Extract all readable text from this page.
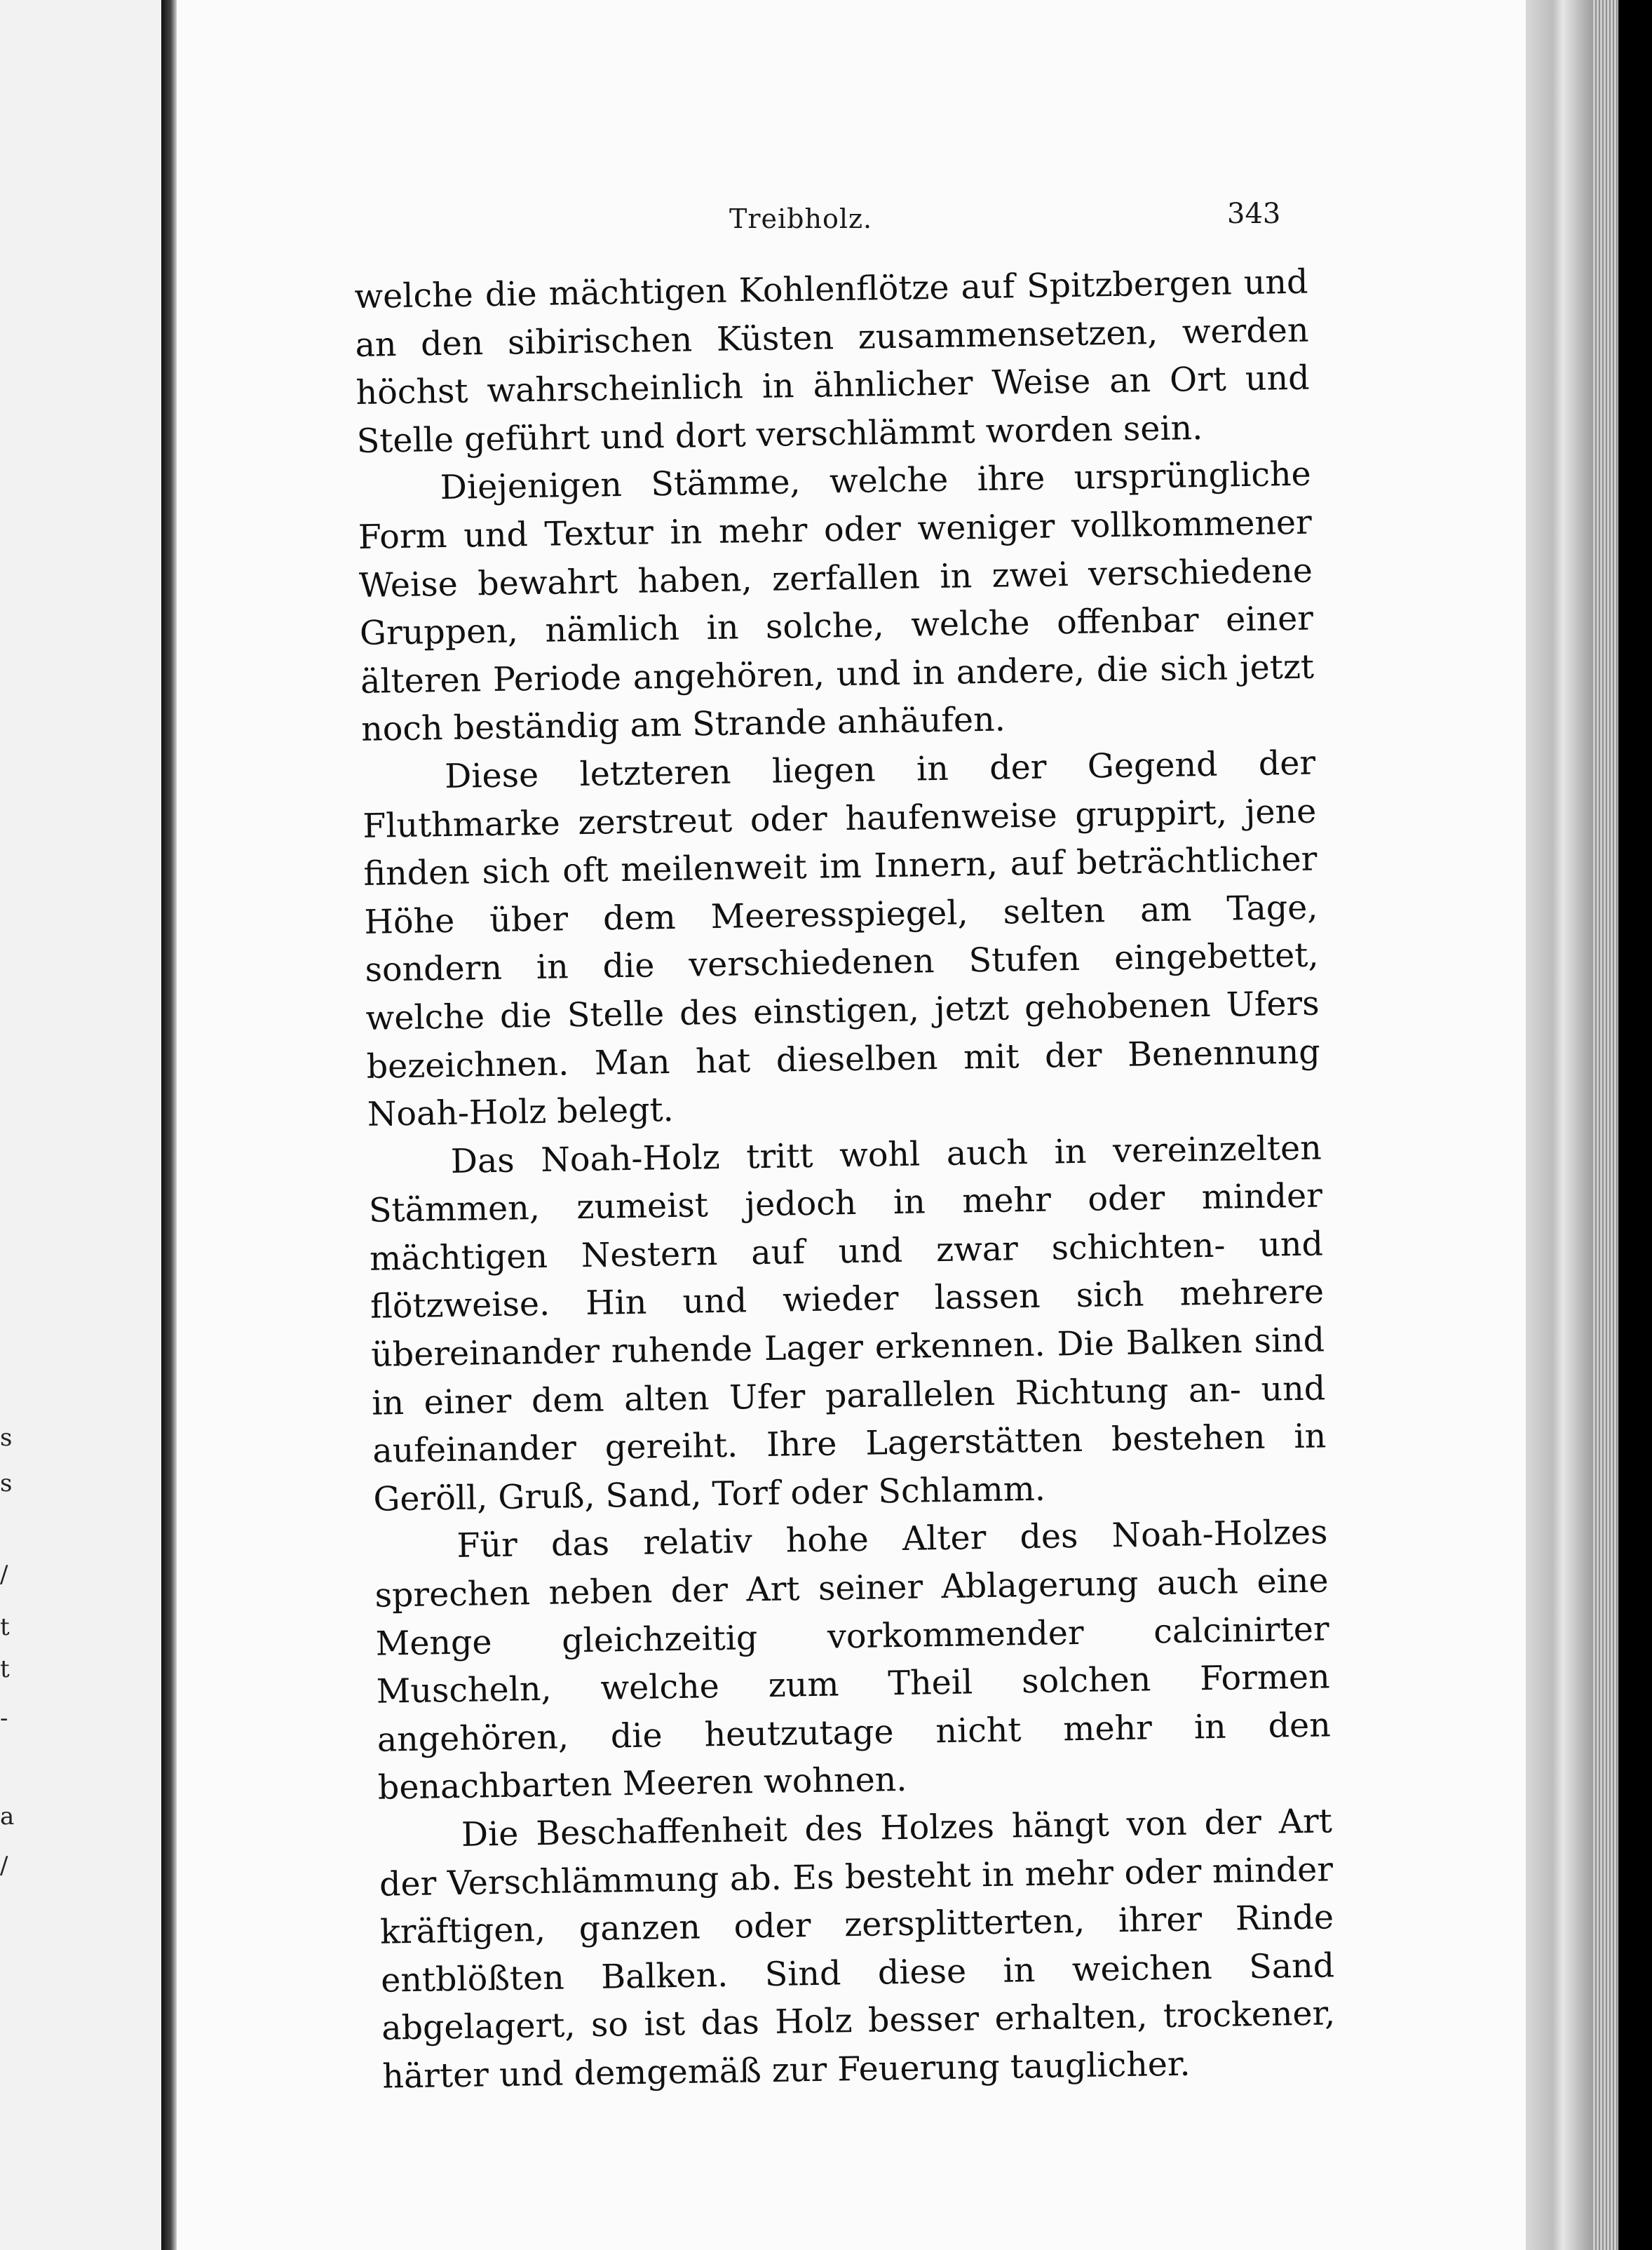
s
s
/
t
t
-
a
/
Treibholz.	343

welche die mächtigen Kohlenflötze auf Spitzbergen und an den sibirischen Küsten zusammensetzen, werden höchst wahrscheinlich in ähnlicher Weise an Ort und Stelle geführt und dort verschlämmt worden sein.

Diejenigen Stämme, welche ihre ursprüngliche Form und Textur in mehr oder weniger vollkommener Weise bewahrt haben, zerfallen in zwei verschiedene Gruppen, nämlich in solche, welche offenbar einer älteren Periode angehören, und in andere, die sich jetzt noch beständig am Strande anhäufen.

Diese letzteren liegen in der Gegend der Fluthmarke zerstreut oder haufenweise gruppirt, jene finden sich oft meilenweit im Innern, auf beträchtlicher Höhe über dem Meeresspiegel, selten am Tage, sondern in die verschiedenen Stufen eingebettet, welche die Stelle des einstigen, jetzt gehobenen Ufers bezeichnen. Man hat dieselben mit der Benennung Noah-Holz belegt.

Das Noah-Holz tritt wohl auch in vereinzelten Stämmen, zumeist jedoch in mehr oder minder mächtigen Nestern auf und zwar schichten- und flötzweise. Hin und wieder lassen sich mehrere übereinander ruhende Lager erkennen. Die Balken sind in einer dem alten Ufer parallelen Richtung an- und aufeinander gereiht. Ihre Lagerstätten bestehen in Geröll, Gruß, Sand, Torf oder Schlamm.

Für das relativ hohe Alter des Noah-Holzes sprechen neben der Art seiner Ablagerung auch eine Menge gleichzeitig vorkommender calcinirter Muscheln, welche zum Theil solchen Formen angehören, die heutzutage nicht mehr in den benachbarten Meeren wohnen.

Die Beschaffenheit des Holzes hängt von der Art der Verschlämmung ab. Es besteht in mehr oder minder kräftigen, ganzen oder zersplitterten, ihrer Rinde entblößten Balken. Sind diese in weichen Sand abgelagert, so ist das Holz besser erhalten, trockener, härter und demgemäß zur Feuerung tauglicher.
